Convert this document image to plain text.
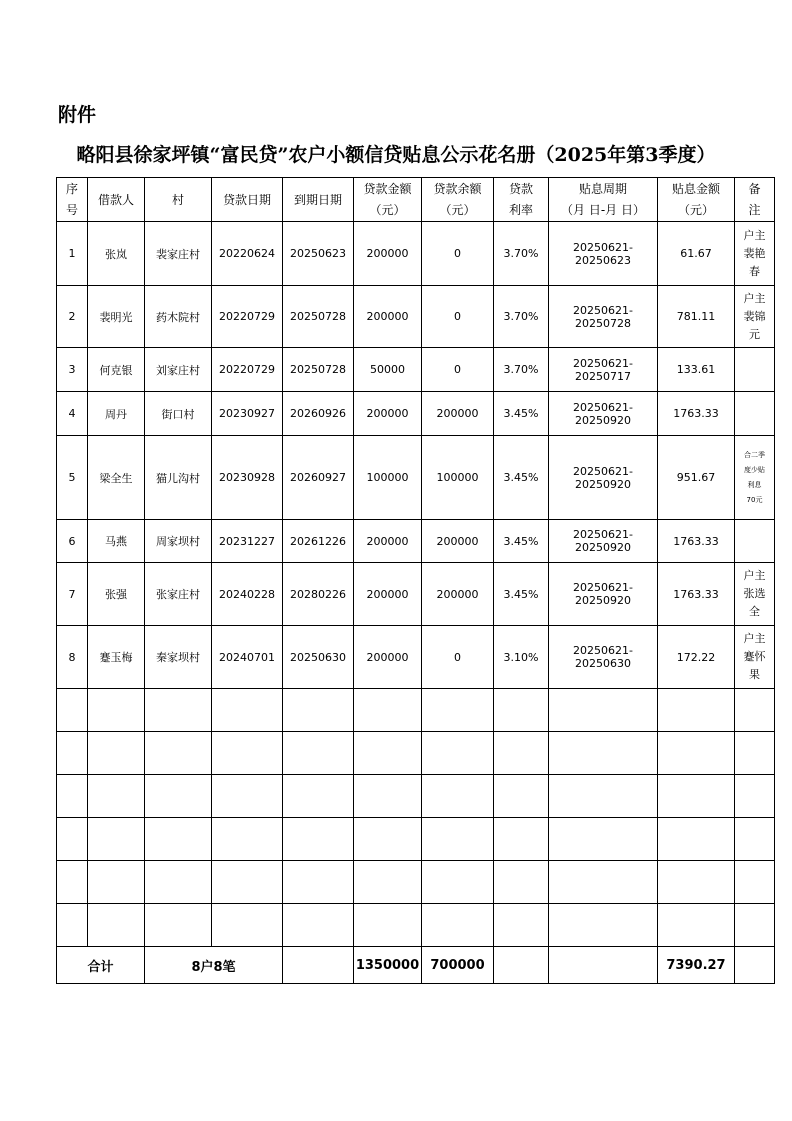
附件
略阳县徐家坪镇“富民贷”农户小额信贷贴息公示花名册（2025年第3季度）
序
号	借款人	村	贷款日期	到期日期	贷款金额
（元）	贷款余额
（元）	贷款
利率	贴息周期
（月 日-月 日）	贴息金额
（元）	备
注

1	张岚	裴家庄村	20220624	20250623	200000	0	3.70%	20250621-20250623	61.67	户主
裴艳
春

2	裴明光	药木院村	20220729	20250728	200000	0	3.70%	20250621-20250728	781.11	户主
裴锦
元

3	何克银	刘家庄村	20220729	20250728	50000	0	3.70%	20250621-20250717	133.61	
4	周丹	街口村	20230927	20260926	200000	200000	3.45%	20250621-20250920	1763.33	
5	梁全生	猫儿沟村	20230928	20260927	100000	100000	3.45%	20250621-20250920	951.67	合二季
度少贴
利息
70元

6	马燕	周家坝村	20231227	20261226	200000	200000	3.45%	20250621-20250920	1763.33	
7	张强	张家庄村	20240228	20280226	200000	200000	3.45%	20250621-20250920	1763.33	户主
张选
全

8	蹇玉梅	秦家坝村	20240701	20250630	200000	0	3.10%	20250621-20250630	172.22	户主
蹇怀
果

合计		8户8笔			1350000	700000			7390.27	
